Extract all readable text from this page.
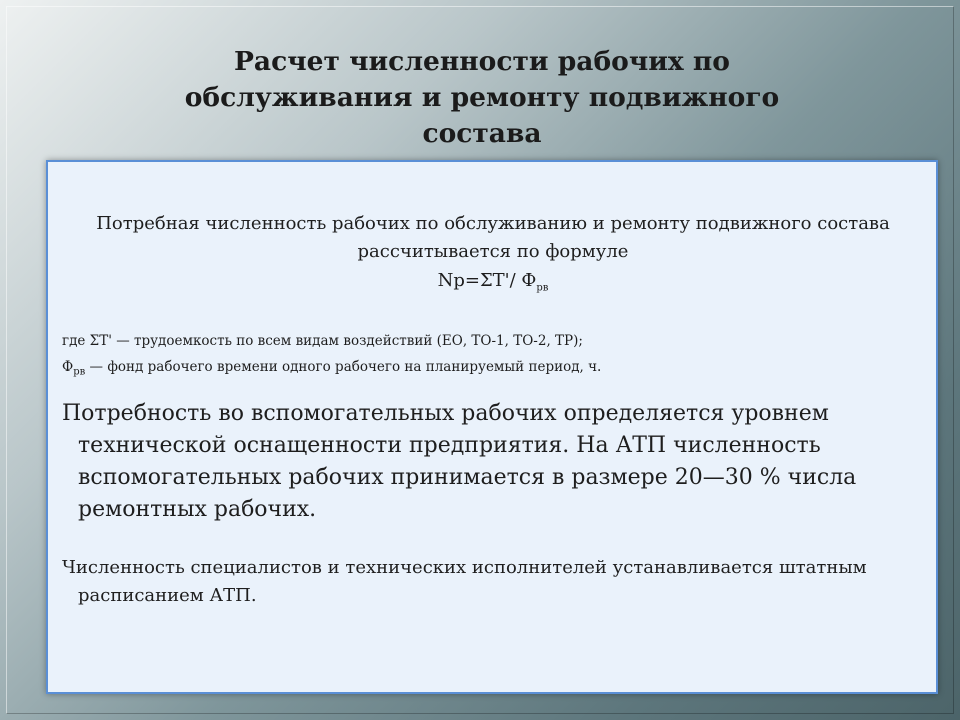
Расчет численности рабочих по обслуживания и ремонту подвижного состава
Потребная численность рабочих по обслуживанию и ремонту подвижного состава рассчитывается по формуле
Nр=ΣТ'/ $Ф_{рв}$
где ΣТ' — трудоемкость по всем видам воздействий (ЕО, ТО-1, ТО-2, ТР);
$Ф_{рв}$ — фонд рабочего времени одного рабочего на планируемый период, ч.
Потребность во вспомогательных рабочих определяется уровнем технической оснащенности предприятия. На АТП численность вспомогательных рабочих принимается в размере 20—30 % числа ремонтных рабочих.
Численность специалистов и технических исполнителей устанавливается штатным расписанием АТП.
